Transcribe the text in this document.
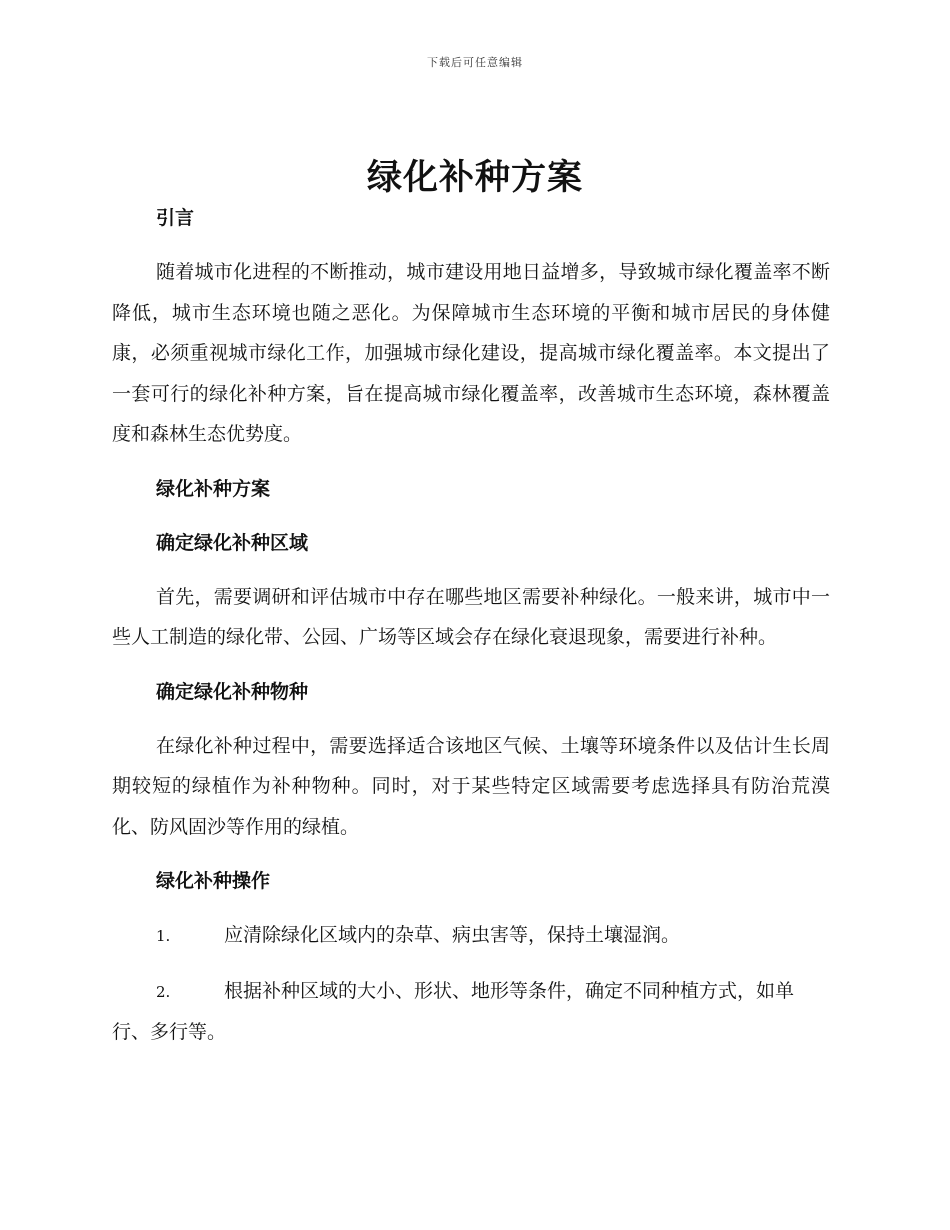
下载后可任意编辑
绿化补种方案

引言

随着城市化进程的不断推动，城市建设用地日益增多，导致城市绿化覆盖率不断降低，城市生态环境也随之恶化。为保障城市生态环境的平衡和城市居民的身体健康，必须重视城市绿化工作，加强城市绿化建设，提高城市绿化覆盖率。本文提出了一套可行的绿化补种方案，旨在提高城市绿化覆盖率，改善城市生态环境，森林覆盖度和森林生态优势度。

绿化补种方案

确定绿化补种区域

首先，需要调研和评估城市中存在哪些地区需要补种绿化。一般来讲，城市中一些人工制造的绿化带、公园、广场等区域会存在绿化衰退现象，需要进行补种。

确定绿化补种物种

在绿化补种过程中，需要选择适合该地区气候、土壤等环境条件以及估计生长周期较短的绿植作为补种物种。同时，对于某些特定区域需要考虑选择具有防治荒漠化、防风固沙等作用的绿植。

绿化补种操作

1.	应清除绿化区域内的杂草、病虫害等，保持土壤湿润。

2.	根据补种区域的大小、形状、地形等条件，确定不同种植方式，如单行、多行等。
